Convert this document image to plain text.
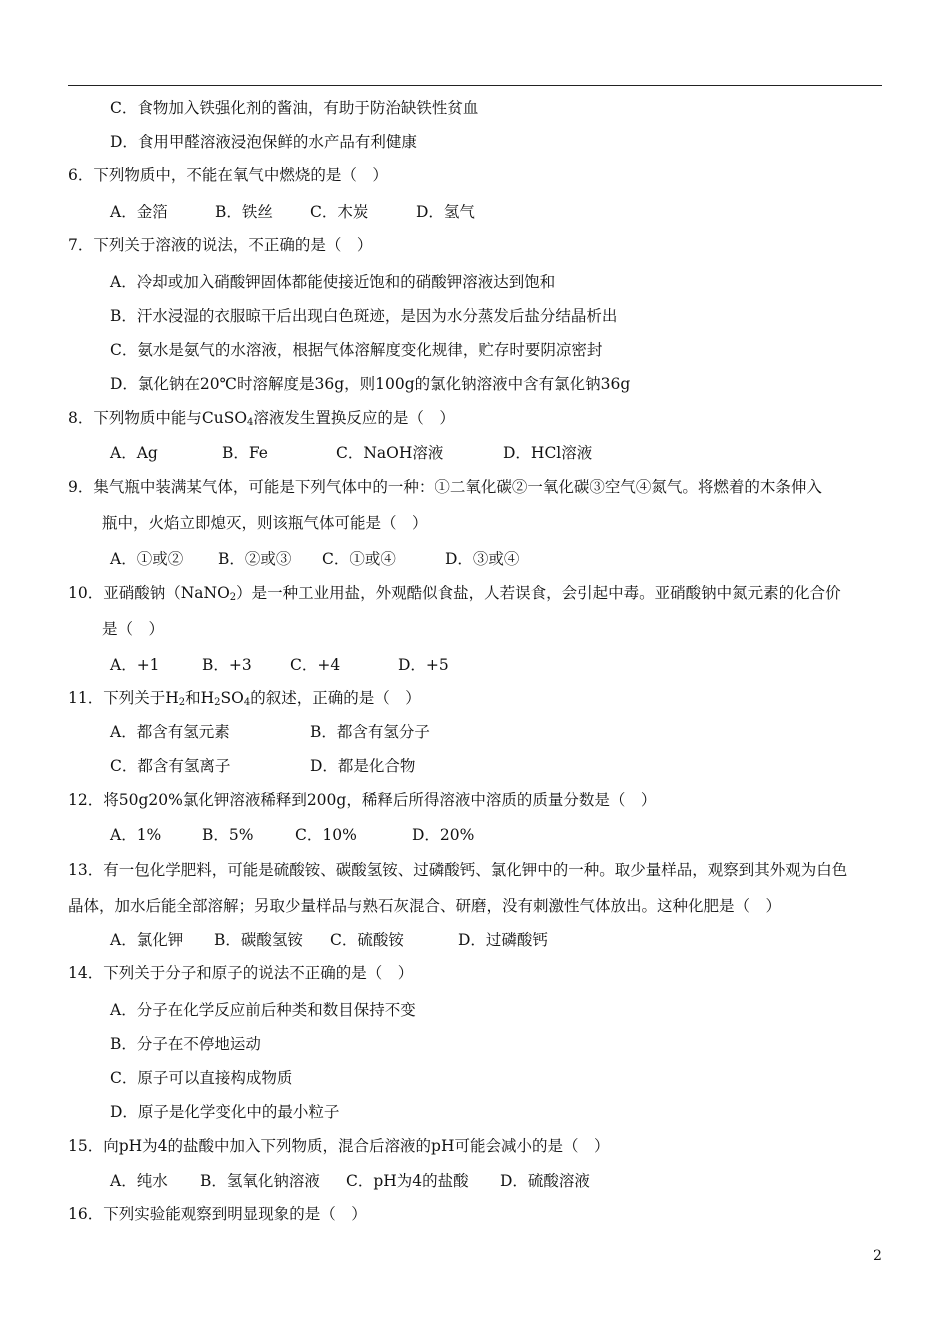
C．食物加入铁强化剂的酱油，有助于防治缺铁性贫血
D．食用甲醛溶液浸泡保鲜的水产品有利健康
6．下列物质中，不能在氧气中燃烧的是（　）
A．金箔	B．铁丝 C．木炭	D．氢气
7．下列关于溶液的说法，不正确的是（　）
A．冷却或加入硝酸钾固体都能使接近饱和的硝酸钾溶液达到饱和
B．汗水浸湿的衣服晾干后出现白色斑迹，是因为水分蒸发后盐分结晶析出
C．氨水是氨气的水溶液，根据气体溶解度变化规律，贮存时要阴凉密封
D．氯化钠在20℃时溶解度是36g，则100g的氯化钠溶液中含有氯化钠36g
8．下列物质中能与CuSO$_4$溶液发生置换反应的是（　）
A．Ag	B．Fe	C．NaOH溶液	D．HCl溶液
9．集气瓶中装满某气体，可能是下列气体中的一种：①二氧化碳②一氧化碳③空气④氮气。将燃着的木条伸入
瓶中，火焰立即熄灭，则该瓶气体可能是（　）
A．①或② B．②或③ C．①或④	D．③或④
10．亚硝酸钠（NaNO$_2$）是一种工业用盐，外观酷似食盐，人若误食，会引起中毒。亚硝酸钠中氮元素的化合价
是（　）
A．+1	B．+3 C．+4	D．+5
11．下列关于$H_2$和$H_2SO_4$的叙述，正确的是（　）
A．都含有氢元素	B．都含有氢分子
C．都含有氢离子	D．都是化合物
12．将50g20%氯化钾溶液稀释到200g，稀释后所得溶液中溶质的质量分数是（　）
A．1%	B．5%	C．10%	D．20%
13．有一包化学肥料，可能是硫酸铵、碳酸氢铵、过磷酸钙、氯化钾中的一种。取少量样品，观察到其外观为白色
晶体，加水后能全部溶解；另取少量样品与熟石灰混合、研磨，没有刺激性气体放出。这种化肥是（　）
A．氯化钾 B．碳酸氢铵 C．硫酸铵	D．过磷酸钙
14．下列关于分子和原子的说法不正确的是（　）
A．分子在化学反应前后种类和数目保持不变
B．分子在不停地运动
C．原子可以直接构成物质
D．原子是化学变化中的最小粒子
15．向pH为4的盐酸中加入下列物质，混合后溶液的pH可能会减小的是（　）
A．纯水 B．氢氧化钠溶液 C．pH为4的盐酸 D．硫酸溶液
16．下列实验能观察到明显现象的是（　）
2
